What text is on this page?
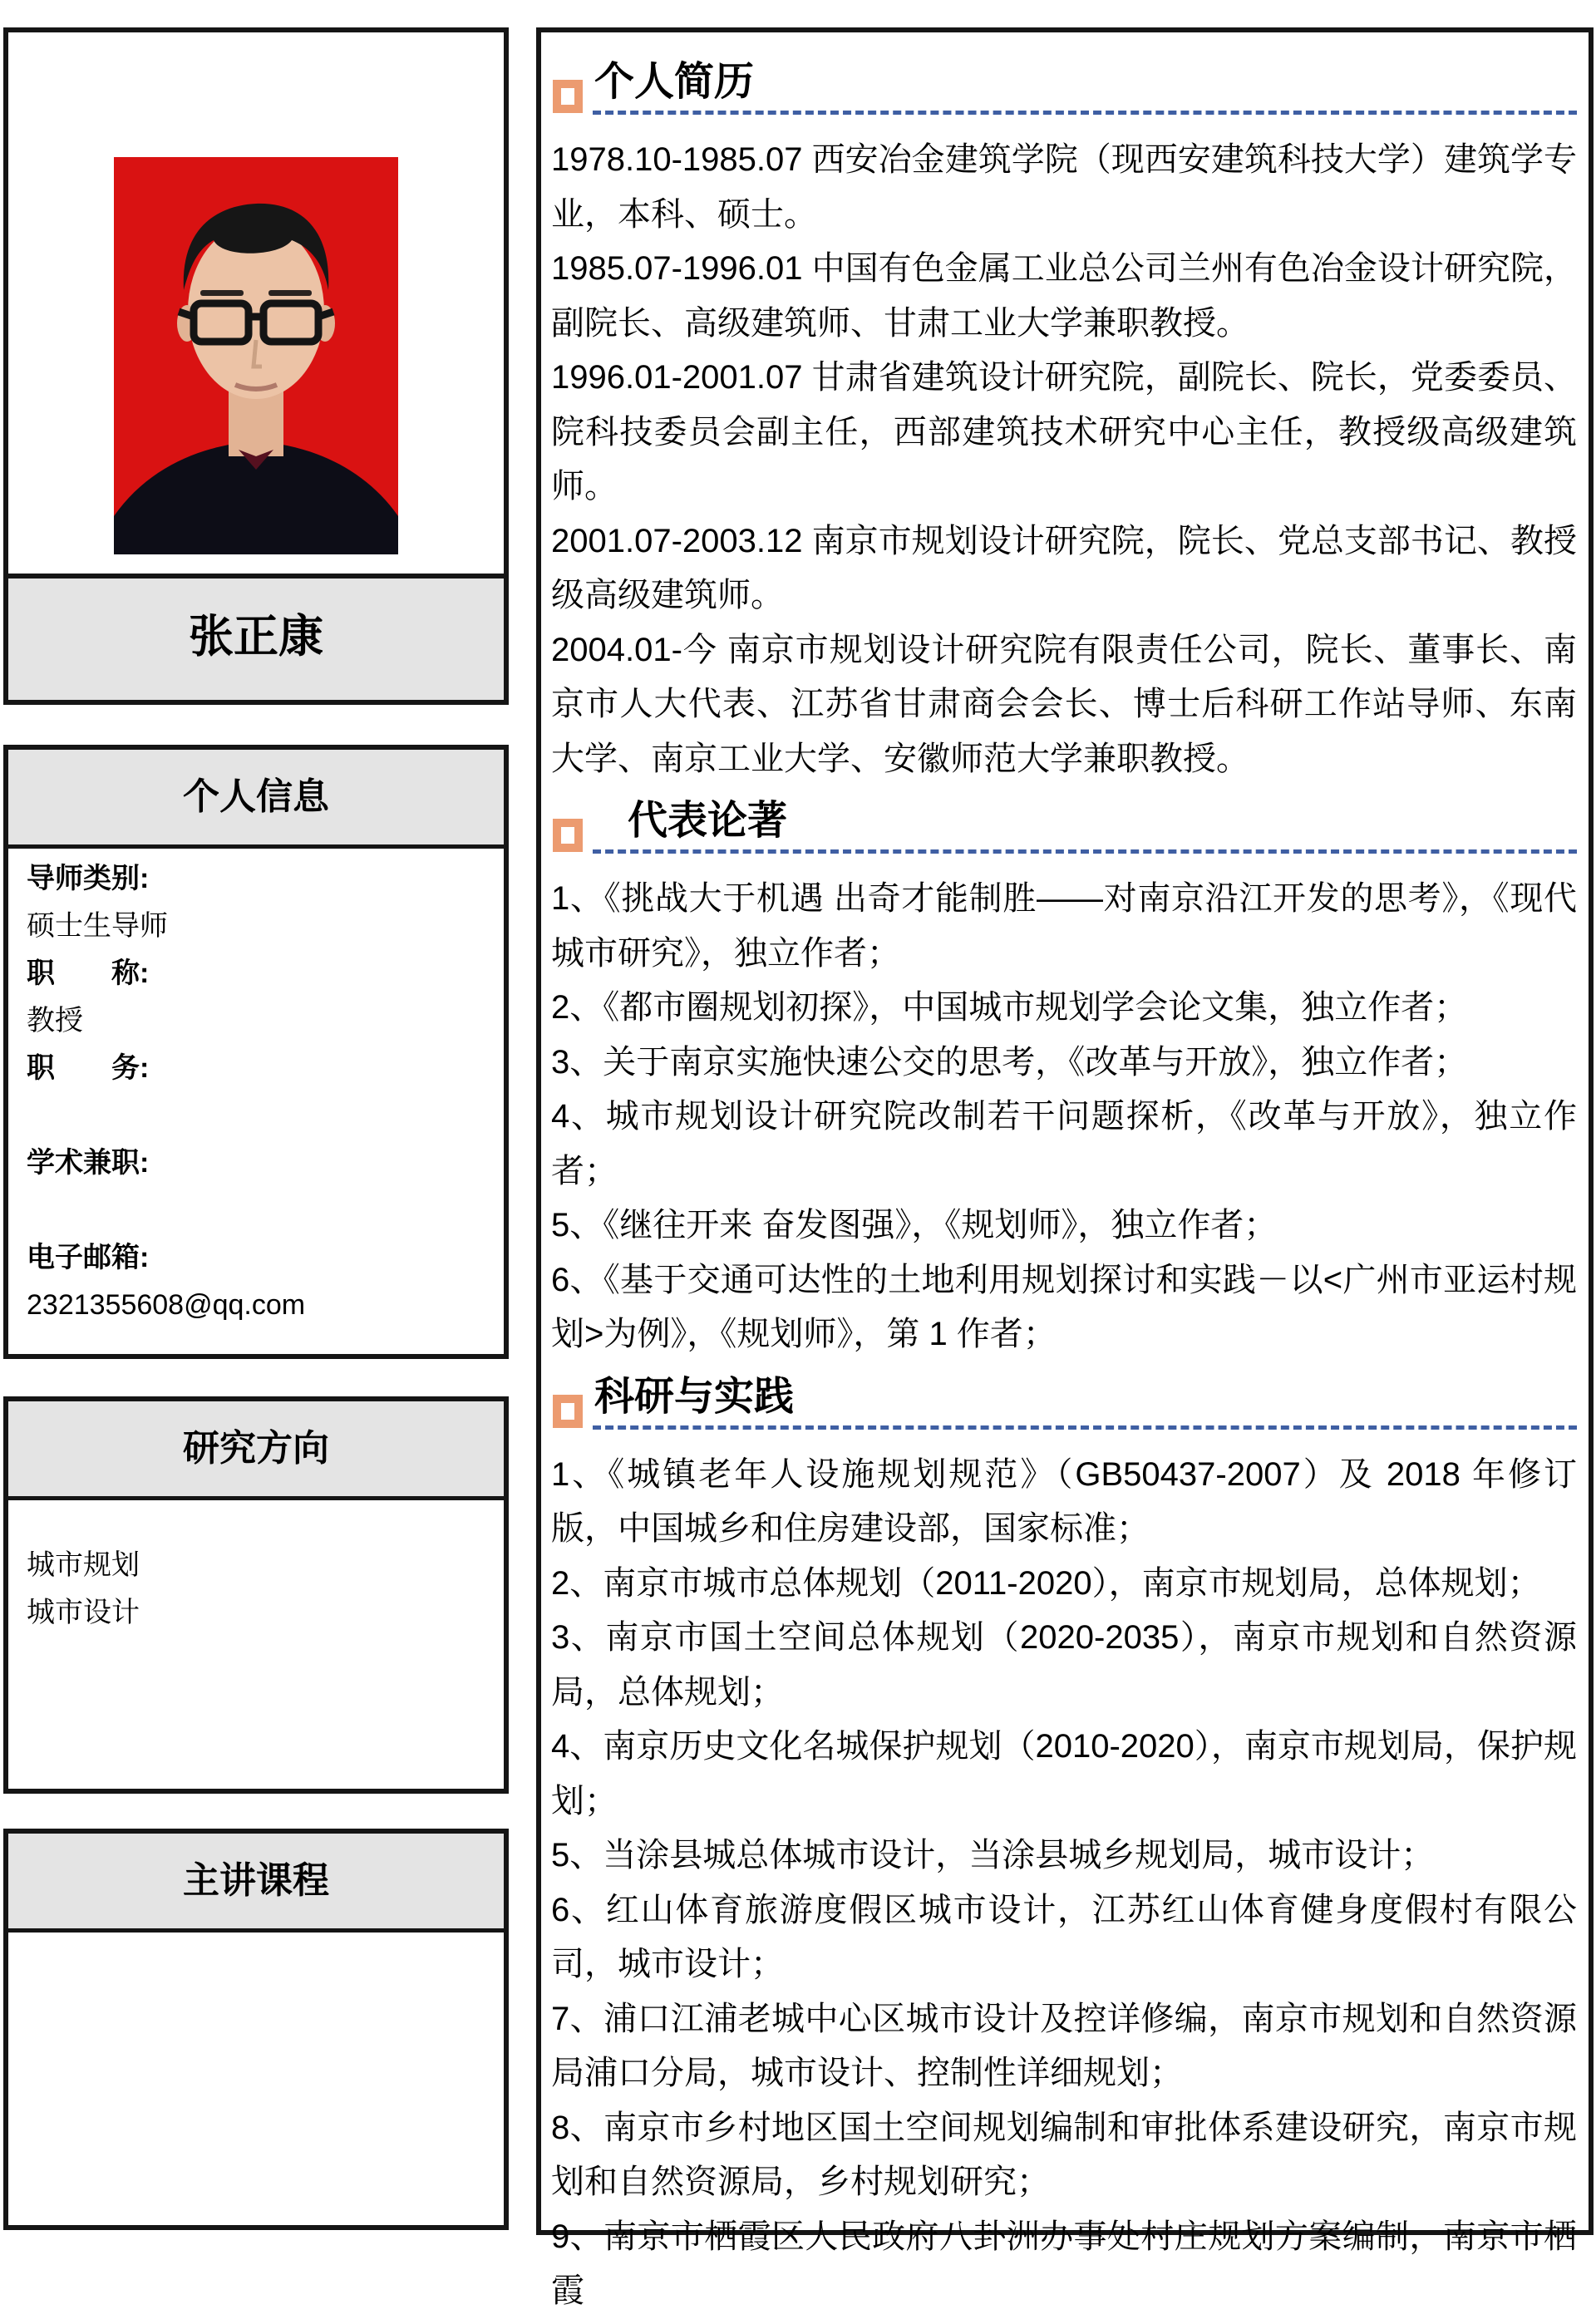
张正康
个人信息
导师类别:
硕士生导师
职　　称:
教授
职　　务:
学术兼职:
电子邮箱:
2321355608@qq.com
研究方向
城市规划
城市设计
主讲课程
个人简历

1978.10-1985.07 西安冶金建筑学院（现西安建筑科技大学）建筑学专业，本科、硕士。

1985.07-1996.01 中国有色金属工业总公司兰州有色冶金设计研究院，副院长、高级建筑师、甘肃工业大学兼职教授。

1996.01-2001.07 甘肃省建筑设计研究院，副院长、院长，党委委员、院科技委员会副主任，西部建筑技术研究中心主任，教授级高级建筑师。

2001.07-2003.12 南京市规划设计研究院，院长、党总支部书记、教授级高级建筑师。

2004.01-今 南京市规划设计研究院有限责任公司，院长、董事长、南京市人大代表、江苏省甘肃商会会长、博士后科研工作站导师、东南大学、南京工业大学、安徽师范大学兼职教授。

代表论著

1、《挑战大于机遇 出奇才能制胜——对南京沿江开发的思考》，《现代城市研究》，独立作者；

2、《都市圈规划初探》，中国城市规划学会论文集，独立作者；

3、关于南京实施快速公交的思考，《改革与开放》，独立作者；

4、城市规划设计研究院改制若干问题探析，《改革与开放》，独立作者；

5、《继往开来 奋发图强》，《规划师》，独立作者；

6、《基于交通可达性的土地利用规划探讨和实践－以<广州市亚运村规划>为例》，《规划师》，第 1 作者；

科研与实践

1、《城镇老年人设施规划规范》（GB50437-2007）及 2018 年修订版，中国城乡和住房建设部，国家标准；

2、南京市城市总体规划（2011-2020），南京市规划局，总体规划；

3、南京市国土空间总体规划（2020-2035），南京市规划和自然资源局，总体规划；

4、南京历史文化名城保护规划（2010-2020），南京市规划局，保护规划；

5、当涂县城总体城市设计，当涂县城乡规划局，城市设计；

6、红山体育旅游度假区城市设计，江苏红山体育健身度假村有限公司，城市设计；

7、浦口江浦老城中心区城市设计及控详修编，南京市规划和自然资源局浦口分局，城市设计、控制性详细规划；

8、南京市乡村地区国土空间规划编制和审批体系建设研究，南京市规划和自然资源局，乡村规划研究；

9、南京市栖霞区人民政府八卦洲办事处村庄规划方案编制，南京市栖霞
